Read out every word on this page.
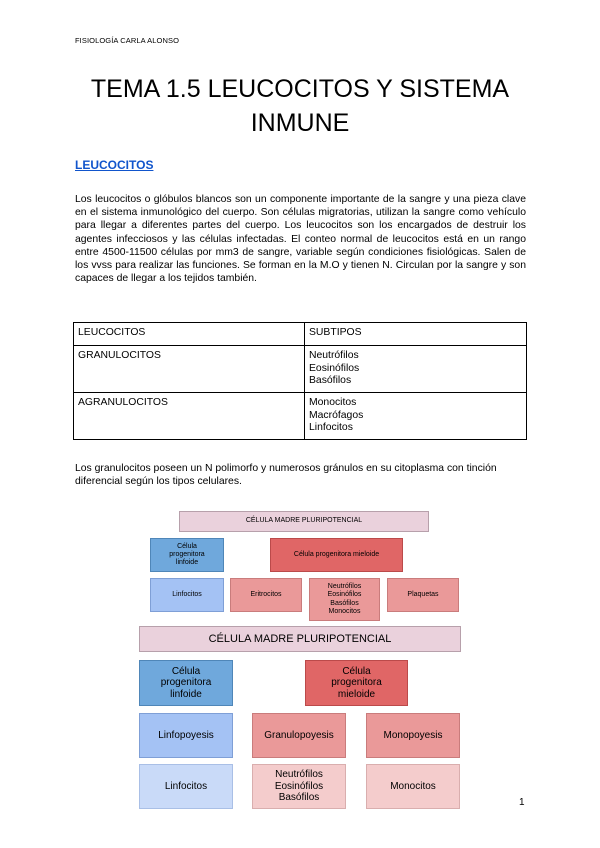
FISIOLOGÍA CARLA ALONSO
TEMA 1.5 LEUCOCITOS Y SISTEMA
INMUNE
LEUCOCITOS

Los leucocitos o glóbulos blancos son un componente importante de la sangre y una pieza clave en el sistema inmunológico del cuerpo. Son células migratorias, utilizan la sangre como vehículo para llegar a diferentes partes del cuerpo. Los leucocitos son los encargados de destruir los agentes infecciosos y las células infectadas. El conteo normal de leucocitos está en un rango entre 4500-11500 células por mm3 de sangre, variable según condiciones fisiológicas. Salen de los vvss para realizar las funciones. Se forman en la M.O y tienen N. Circulan por la sangre y son capaces de llegar a los tejidos también.

LEUCOCITOS	SUBTIPOS
GRANULOCITOS	Neutrófilos
Eosinófilos
Basófilos

AGRANULOCITOS	Monocitos
Macrófagos
Linfocitos

Los granulocitos poseen un N polimorfo y numerosos gránulos en su citoplasma con tinción diferencial según los tipos celulares.

CÉLULA MADRE PLURIPOTENCIAL
Célula
progenitora
linfoide
Célula progenitora mieloide
Linfocitos	Eritrocitos
Neutrófilos
Eosinófilos
Basófilos
Monocitos
Plaquetas
CÉLULA MADRE PLURIPOTENCIAL
Célula
progenitora
linfoide
Célula
progenitora
mieloide
Linfopoyesis	Granulopoyesis	Monopoyesis
Linfocitos
Neutrófilos
Eosinófilos
Basófilos
Monocitos
1
